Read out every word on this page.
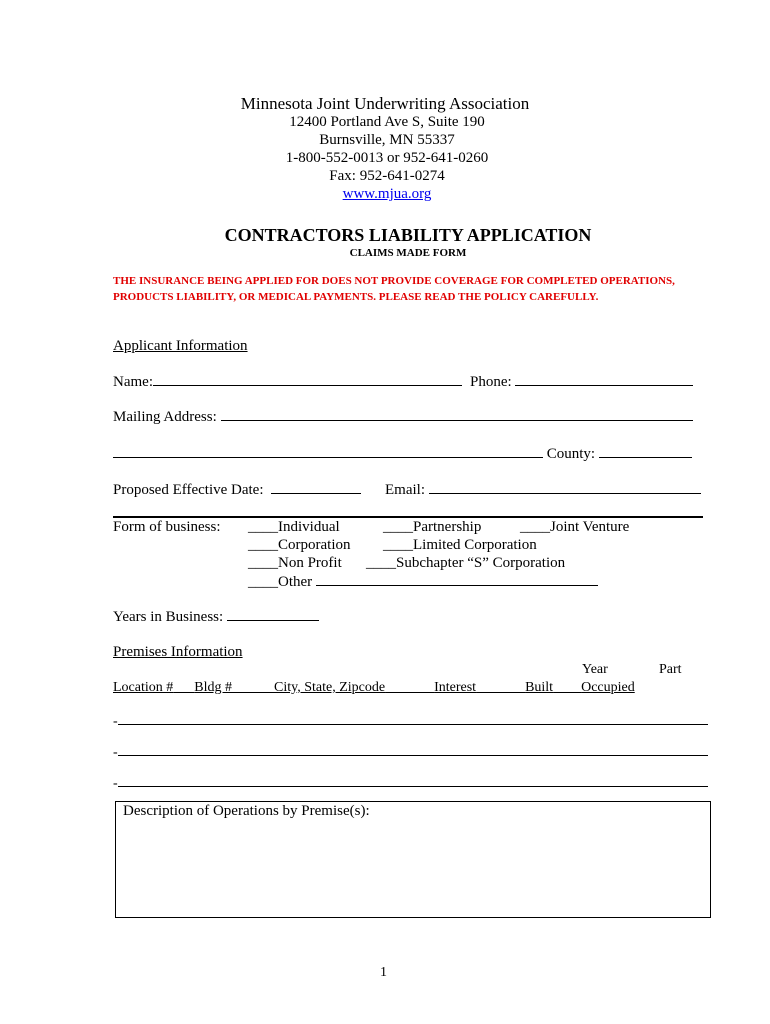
Minnesota Joint Underwriting Association
12400 Portland Ave S, Suite 190
Burnsville, MN 55337
1-800-552-0013 or 952-641-0260
Fax: 952-641-0274
www.mjua.org
CONTRACTORS LIABILITY APPLICATION
CLAIMS MADE FORM
THE INSURANCE BEING APPLIED FOR DOES NOT PROVIDE COVERAGE FOR COMPLETED OPERATIONS, PRODUCTS LIABILITY, OR MEDICAL PAYMENTS. PLEASE READ THE POLICY CAREFULLY.
Applicant Information
Name:	Phone:
Mailing Address:
County:
Proposed Effective Date:	Email:
Form of business: ____Individual	____Partnership	____Joint Venture
____Corporation ____Limited Corporation
____Non Profit ____Subchapter “S” Corporation
____Other
Years in Business:
Premises Information
Year	Part
Location # Bldg #	City, State, Zipcode	Interest	Built Occupied
-
-
-
Description of Operations by Premise(s):
1
